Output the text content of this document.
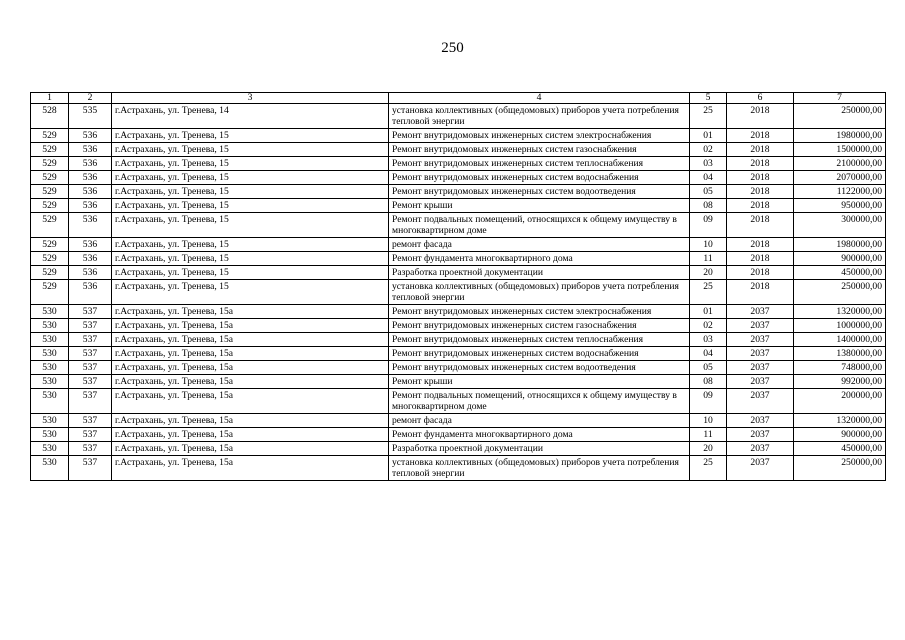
250
1	2	3	4	5	6	7
528	535	г.Астрахань, ул. Тренева, 14	установка коллективных (общедомовых) приборов учета потребления тепловой энергии	25	2018	250000,00
529	536	г.Астрахань, ул. Тренева, 15	Ремонт внутридомовых инженерных систем электроснабжения	01	2018	1980000,00
529	536	г.Астрахань, ул. Тренева, 15	Ремонт внутридомовых инженерных систем газоснабжения	02	2018	1500000,00
529	536	г.Астрахань, ул. Тренева, 15	Ремонт внутридомовых инженерных систем теплоснабжения	03	2018	2100000,00
529	536	г.Астрахань, ул. Тренева, 15	Ремонт внутридомовых инженерных систем водоснабжения	04	2018	2070000,00
529	536	г.Астрахань, ул. Тренева, 15	Ремонт внутридомовых инженерных систем водоотведения	05	2018	1122000,00
529	536	г.Астрахань, ул. Тренева, 15	Ремонт крыши	08	2018	950000,00
529	536	г.Астрахань, ул. Тренева, 15	Ремонт подвальных помещений, относящихся к общему имуществу в многоквартирном доме	09	2018	300000,00
529	536	г.Астрахань, ул. Тренева, 15	ремонт фасада	10	2018	1980000,00
529	536	г.Астрахань, ул. Тренева, 15	Ремонт фундамента многоквартирного дома	11	2018	900000,00
529	536	г.Астрахань, ул. Тренева, 15	Разработка проектной документации	20	2018	450000,00
529	536	г.Астрахань, ул. Тренева, 15	установка коллективных (общедомовых) приборов учета потребления тепловой энергии	25	2018	250000,00
530	537	г.Астрахань, ул. Тренева, 15а	Ремонт внутридомовых инженерных систем электроснабжения	01	2037	1320000,00
530	537	г.Астрахань, ул. Тренева, 15а	Ремонт внутридомовых инженерных систем газоснабжения	02	2037	1000000,00
530	537	г.Астрахань, ул. Тренева, 15а	Ремонт внутридомовых инженерных систем теплоснабжения	03	2037	1400000,00
530	537	г.Астрахань, ул. Тренева, 15а	Ремонт внутридомовых инженерных систем водоснабжения	04	2037	1380000,00
530	537	г.Астрахань, ул. Тренева, 15а	Ремонт внутридомовых инженерных систем водоотведения	05	2037	748000,00
530	537	г.Астрахань, ул. Тренева, 15а	Ремонт крыши	08	2037	992000,00
530	537	г.Астрахань, ул. Тренева, 15а	Ремонт подвальных помещений, относящихся к общему имуществу в многоквартирном доме	09	2037	200000,00
530	537	г.Астрахань, ул. Тренева, 15а	ремонт фасада	10	2037	1320000,00
530	537	г.Астрахань, ул. Тренева, 15а	Ремонт фундамента многоквартирного дома	11	2037	900000,00
530	537	г.Астрахань, ул. Тренева, 15а	Разработка проектной документации	20	2037	450000,00
530	537	г.Астрахань, ул. Тренева, 15а	установка коллективных (общедомовых) приборов учета потребления тепловой энергии	25	2037	250000,00
